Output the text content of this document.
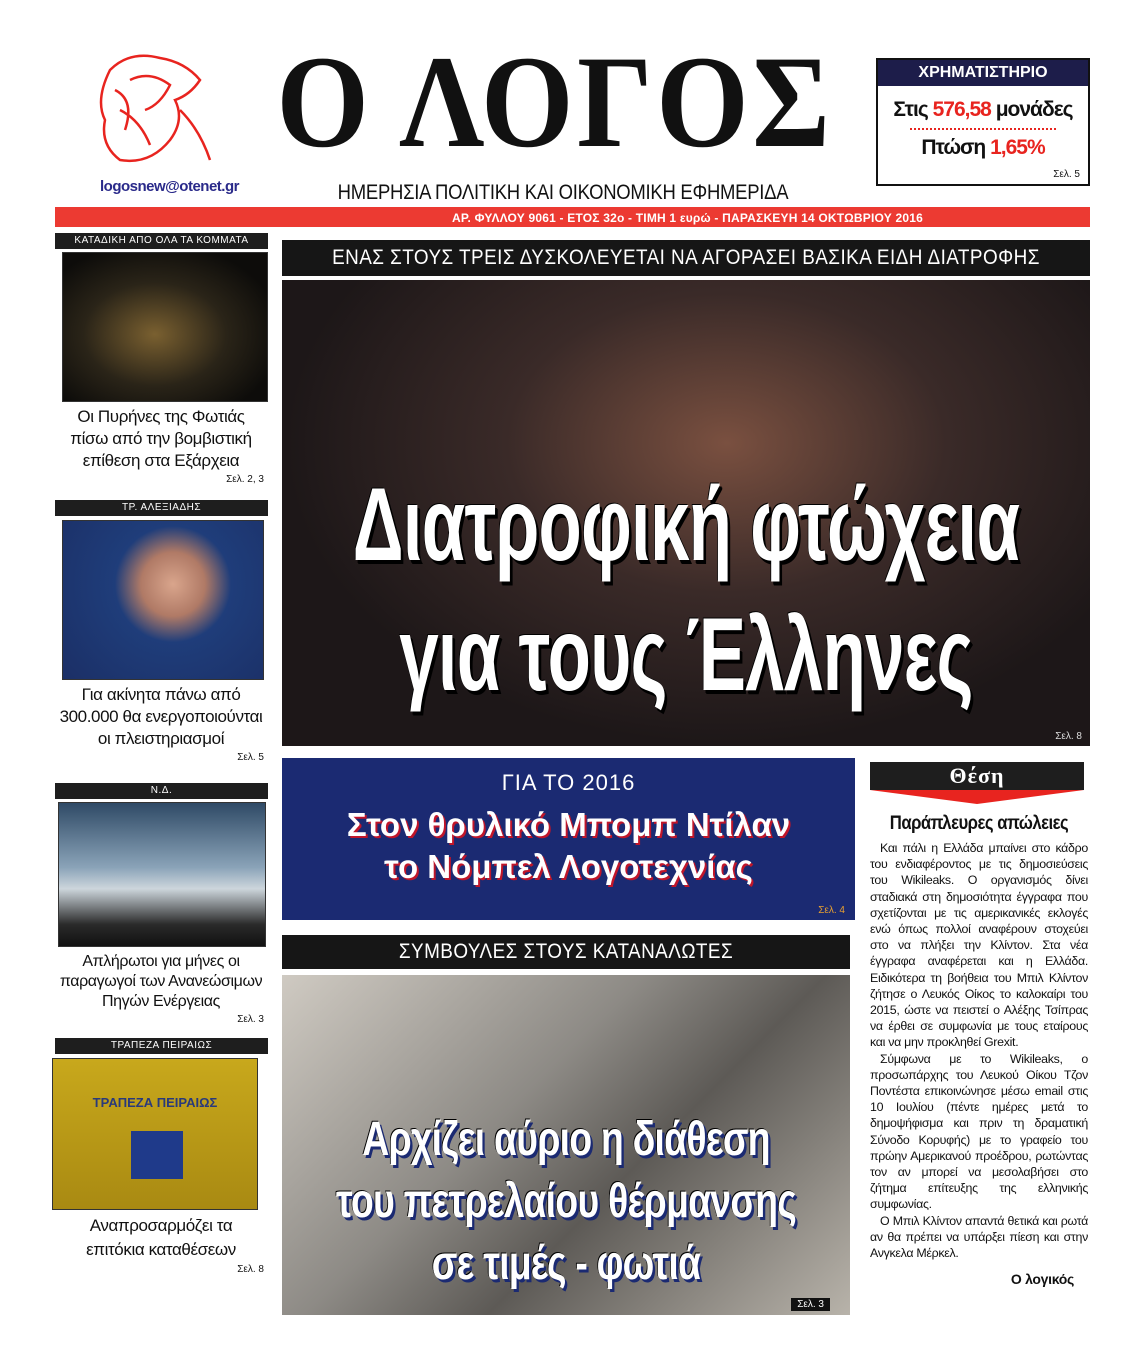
logosnew@otenet.gr
Ο ΛΟΓΟΣ
ΗΜΕΡΗΣΙΑ ΠΟΛΙΤΙΚΗ ΚΑΙ ΟΙΚΟΝΟΜΙΚΗ ΕΦΗΜΕΡΙΔΑ
ΧΡΗΜΑΤΙΣΤΗΡΙΟ
Στις 576,58 μονάδες
Πτώση 1,65%
Σελ. 5
ΑΡ. ΦΥΛΛΟΥ 9061 - ΕΤΟΣ 32ο - ΤΙΜΗ 1 ευρώ - ΠΑΡΑΣΚΕΥΗ 14 ΟΚΤΩΒΡΙΟΥ 2016
ΚΑΤΑΔΙΚΗ ΑΠΟ ΟΛΑ ΤΑ ΚΟΜΜΑΤΑ
Οι Πυρήνες της Φωτιάς πίσω από την βομβιστική επίθεση στα Εξάρχεια
Σελ. 2, 3
ΤΡ. ΑΛΕΞΙΑΔΗΣ
Για ακίνητα πάνω από 300.000 θα ενεργοποιούνται οι πλειστηριασμοί
Σελ. 5
Ν.Δ.
Απλήρωτοι για μήνες οι παραγωγοί των Ανανεώσιμων Πηγών Ενέργειας
Σελ. 3
ΤΡΑΠΕΖΑ ΠΕΙΡΑΙΩΣ
ΤΡΑΠΕΖΑ ΠΕΙΡΑΙΩΣ
Αναπροσαρμόζει τα επιτόκια καταθέσεων
Σελ. 8
ΕΝΑΣ ΣΤΟΥΣ ΤΡΕΙΣ ΔΥΣΚΟΛΕΥΕΤΑΙ ΝΑ ΑΓΟΡΑΣΕΙ ΒΑΣΙΚΑ ΕΙΔΗ ΔΙΑΤΡΟΦΗΣ
Διατροφική φτώχεια
για τους Έλληνες
Σελ. 8
ΓΙΑ ΤΟ 2016
Στον θρυλικό Μπομπ Ντίλαν
το Νόμπελ Λογοτεχνίας
Σελ. 4
ΣΥΜΒΟΥΛΕΣ ΣΤΟΥΣ ΚΑΤΑΝΑΛΩΤΕΣ
Αρχίζει αύριο η διάθεση
του πετρελαίου θέρμανσης
σε τιμές - φωτιά
Σελ. 3
Θέση
Παράπλευρες απώλειες

Και πάλι η Ελλάδα μπαίνει στο κάδρο του ενδιαφέροντος με τις δημοσιεύσεις του Wikileaks. Ο οργανισμός δίνει σταδιακά στη δημοσιότητα έγγραφα που σχετίζονται με τις αμερικανικές εκλογές ενώ όπως πολλοί αναφέρουν στοχεύει στο να πλήξει την Κλίντον. Στα νέα έγγραφα αναφέρεται και η Ελλάδα. Ειδικότερα τη βοήθεια του Μπιλ Κλίντον ζήτησε ο Λευκός Οίκος το καλοκαίρι του 2015, ώστε να πειστεί ο Αλέξης Τσίπρας να έρθει σε συμφωνία με τους εταίρους και να μην προκληθεί Grexit.

Σύμφωνα με το Wikileaks, ο προσωπάρχης του Λευκού Οίκου Τζον Ποντέστα επικοινώνησε μέσω email στις 10 Ιουλίου (πέντε ημέρες μετά το δημοψήφισμα και πριν τη δραματική Σύνοδο Κορυφής) με το γραφείο του πρώην Αμερικανού προέδρου, ρωτώντας τον αν μπορεί να μεσολαβήσει στο ζήτημα επίτευξης της ελληνικής συμφωνίας.

Ο Μπιλ Κλίντον απαντά θετικά και ρωτά αν θα πρέπει να υπάρξει πίεση και στην Ανγκελα Μέρκελ.

Ο λογικός
